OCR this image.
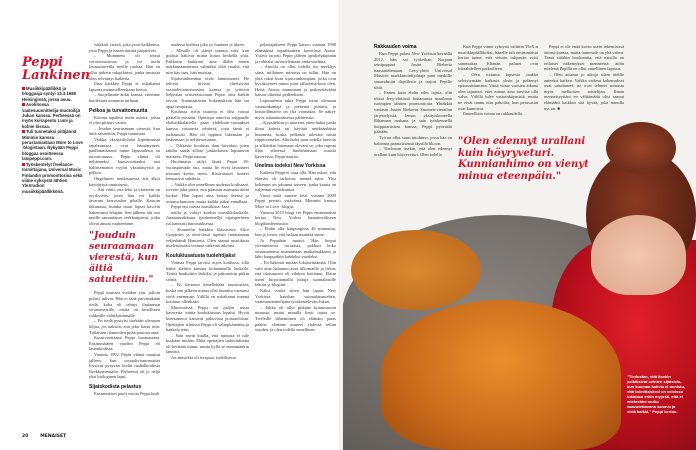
Peppi Lankinen
Musiikkipäällikkö ja bloggaaja syntyi 13.3.1985 Helsingissä, jossa asuu.
Avoliitossa vaatesuunnittelija-muotoilijä Jukan kanssa. Perheessä on myös koirapentu Lumi ja kolme kissaa.
Tuli tunnetuksi pitäjännä Mimmin kanssa perustamastaan More to Love -blogistaan. Nykyään Peppi bloggaa osoitteessa lampeppi.com.
Työskentelyt freelance-toimittajana, Universal Music Finlandin promoottorina sekä viime syksystä lähtien YleXradion musiikkipäällikkönä.

vaikkari ystävä, joka yritti kaikkensa, jotta Peppi ja hänen äitinsä pärjäisivät.

– Mummeni oli töissä verotoimistossa ja toi usein lounasturreilla meille ruokaa. Hän on ollut tärkein tukipilarini, jonka ansiosta olen selvinnyt kaikesta.

Ihan kaikkea Peppi ei uskaltanut lapsena mummolleenkaan kertoa.

– Suojelimme äidin kanssa, ettemme huolestuta mummia turhaan.

Pelkoa ja turvattomuutta

Kotona tapahtui usein asioita, joista ei olisi pitänyt vaieta.

– Joudun seuraamaan vierestä, kun äitiä satutettiin, Peppi tunnustaa.

Vaikka yksityiskohdat kipeimmistä tapahtumista ovat hämärtyneet, päällimmäisenä tunne lapsuudesta on turvattomuus. Pepin elämä oli neljänneksi kuusivuotiaaksi asti hallitsematon vyyhti yksinäisyyttä ja pelkoa.

Ongelmien mutkistuessa äiti alkoi käyttäytyä omituisesti.

– Äiti väitti, että lelut ja vaatteeni on myrkytetty, joten hän vei kaikki tavarani kerrostalon pihalle. Katsoin ikkunasta, kuinka muut lapset kävivät hakemassa lelujani. Sen jälkeen äiti osti meille samanlaiset verkkaripuvut, jotka olivat ainoat vaatteemme.

"Jouduin seuraamaan vierestä, kun äitiä satutettiin."

Peppi muistaa vieläkin yön, jolloin poliisi tulivat. Hän ei tänä päivänäkään tiedä, kuka oli tehnyt ilmiannon viranomaisille, mutta on kiitollinen rohkealle välittäjäohmalle.

– En tiedä pystyisi itsekään olemaan hiljaa, jos näkisin, että joku kärsii niin. Tällaisten tilanteiden pitää puuttua aina.

Kuusivuotiaana Peppi huomauttaa. Ensimmäinen vuoden Peppi eli lastenkodissa.

Vuonna 1992 Pepin elämä muuttui jälleen, kun sosiaaliviranomaiset löysivät pysyvän kodin raahalhoidosta Grekkomensalta. Perheessä oli jo neljä yksi biologinen lapsi.

Sijaiskodista pelastus

Ensimmäiset puoli vuotta Peppi luuli

uudessa kodissa joka yö huutaen ja itkien.

– Minulle oli jäänyt trauma siitä, kun poliisit hakivat minut kotoa keskellä yötä. Pakkasin laukkuni aina illalla ennen nukkumaanmenoa valmiiksi siltä varalta, että niin käy taas, hän muistaa.

Sijaisvanhemmat eivät lannistuneet. He tekivät tiivistä yhteistyötä sosiaaliviranomaisten kanssa ja yrittivät helpottaa seitsenvuotiaan Pepin oloa kaikin tavoin. Traumaattisiin kokemuksiin hän sai apua terapiasta.

Koulussa tytön tausteja ei olisi voinut päätellä mistään. Opettajat antoivat reippaalle ekaluokkalaiselle paan yhdeksän-vastaukset kanssa vastaavia tehtäviä, jotta tämä ei turhautuisi. Hän oli oppinut lukemaan ja laskemaan jo neljävuotiaana.

– Tykkäsin koulusta ihan hirveästi, joten tahdin saada silloin jonkinlaisen lapsineron maineen, Peppi nauraa.

Huolimatta säilyi läsnä Pepin 18-vuotispäivään asti, mutta he eivät tavanneet toisiaan kovin usein. Ristiriitaiset tunteet leimasivat suhdetta.

– Vaikka olin onnellinen uudessa kodissani, toivoin joka päivä, että pääsisin asumaan äitini luokse. Hän lupasi aina hoitaa itsensä ja asiansa kuntoon, mutta kaikki jatkui ennallaan.

Peppi etsi turvaa musiikista. Jazz-

neilla ja viihtyi koulun musiikkiluokalla. Jazzmuusikkona työskennellyt sijaisperheen isä kannusti harrastuksessa.

– Kuuntelin kaikkea klassisesta Alice Cooperiin ja teini-iässä rupesin fanittamaan veljesbändi Hansonia. Olen saanut musiikista mielettömästi voimaa vaikeina aikoina.

Koulukiusatusta tuolehtijaksi

Voimaa Peppi tarvitsi myös koulussa, sillä häntä alettiin kiusata kolmannella luokalla. Tyttöä haukuttiin läskiksi ja pakotettiin pitkin seiniä.

– En kertonut kenellekään taustoistani, koska sen jälkeen minua olisi kiusattu varmasti vielä enemmän. Välillä en uskaltanut mennä kouluun ollenkaan.

Murrosiässä Peppi sai paljon uusia kavereita, mutta koulukiusaus lopahti. Hyvät koenumerot kärsivät jatkuvista poissaoloista. Opettajien silmissä Peppi oli välinpitämätön ja hankala teini.

– Sain usein kuulla, että minusta ei tule koskaan mitään. Ehkä opettajien tarkoituksena oli herättää minut, mutta kyllä se enemmänkin lannisti.

Jos musiikki oli terapiaa, todellisesta

pelastajakseen Peppi katsoo vuonna 1998 elämäänsä tupsahtaneen kaverinsa Ainoa. Ystävä tarjotti Pepin jälleen opiskelukipinän ja rohkaisi tavoittelemaan omia unelmia.

– Ainolla on ollut todella iso merkitys siinä, millainen minusta on tullut. Hän on yhtä rakas kuin sijaisvanhempani, jotka ovat hyväksyneet minut juuri tällaisena kuin olen. Heitä, Ainoa, mummiani ja poikaystävääni katson oikeiksi perheekseni.

Lapsuutensa takia Peppi tottui olemaan vastuunkantaja ja pienentä pitäävä, ja kontrollintarve on yhä voimakas. Se näkyy myös suhtautumisessa päihteisiin.

– Kypsiteltiin jo nuorena, etten halua juoda ikinä kahvia tai käyttää minkäänlaisia huumeita, koska pelkäsin tulevani niistä riippuvaiseksi. Alkoholia juon todella harvoin ja silloinkin huomaan olevani se, joka rupeaa illan edetessä huolehtimaan muista kavereista, Peppi nauraa.

Unelma todeksi New Yorkissa

Katkera Peppi ei osaa olla. Hän uskoo, että elämän oli tarkoitus mennä näin. Yksi kokemus on johtanut toiseen, jonka kautta on valjennut myötätuntoa.

Vuosi mitä sanotte läsä: vuonna 2009 Peppi perusti ystävänsä Mimmin kanssa More to Love -blogin.

Vuonna 2010 blogi vei Pepin ensimmäistä kertaa New Yorkin kansainväliseen blogikonferenssiin.

– Ehdin olla kaupungissa 40 minuuttia, kun jo tiesin, että haluan muuttaa sinne.

Ja Peppihän muutti. Hän luopui yliviämisestä tavarasta, pakkasi koko omaisuutensa muutamaan matkalaukkuun ja lähti kaupunkiin kahdeksi vuodeksi.

– En hakenut mitään lokaisemiämää. Olin vain aina halunnut asua ulkomailla ja tiesin, että tilaisuuteni oli vihdoin koittanut. Elätin itseni kirjoittamalla juttuja suomalaisille lehtiin ja blogiini.

Kaksi vuotta sitten hän tapasi New Yorkissa hauskan suomalaismiehen, vaatesuunnittelijana työskentelevän Jukan.

– Jukka oli ollut pitkään kiinnostunut minusta, mutta minulla kesti tajuta se. Treffeille lähtemiinen oli elämäni paras päätös: olemme asuneet yhdessä reilun vuoden, ja olen todella onnellinen.

20	MENAISET
Rakkauden voima

Kun Peppi palasi New Yorkista keväällä 2012, hän sai työkeikan Norjaan teinipoppari Justin Bieberia haastattelemaan. Levy-yhtiö Universal Musicin markkinointijohtaja pani merkille sanavalmiin ilopillerin ja tarjosi Pepille töitä.

– Ennen kuin ehdin edes tajuta, olin töissä levy-yhtiössä hoitamassa maailman isoimpien tähtien promootioita. Yhtäkkiä vastasin Justin Bieberin Suomen-vierailun järjestelyistä, lensin yksityiskoneella Rihannan mukana ja sain työskennellä huippuartistien kanssa, Peppi pyörittää päätään.

Työ on ollut suuri intohimo, jossa hän on halunnut panna itsensä täysillä likoon.

– Tiedostan itsekin, että olen edennyt urallani kuin höyryveturi. Olen todella

Kun Peppi viime syksynä valittiin YleX:n musiikkipäälliköksi, hänelle tuli ensimmäistä kertaa tunne, että veturin tulipesän voisi sammuttaa. Elämän palaset ovat loksahdelleet paikoilleen.

– Olen tottunut lapsesta saakka selviytymään kaikesta yksin ja pelännyt epäonnistumista. Vasta viime vuosien aikana olen tajunnut, ettei minun aina tarvitse olla valva. Välillä tulee vastoinkäymisiä, mutta ne eivät tunnu niin pahoilta, kun perusasiat ovat kunnossa.

Ihmeellisin voima on rakkaudella.

Peppi ei ole enää kovin usein tekemisissä äitinsä kanssa, mutta tunnesidе on yhä vahva. Tämä siitäkin huolimatta, että naisilla on erilaiset näkemykset menneestä: äidin mielestä Pepillä on ollut onnellinen lapsuus.

– Olen antanut jo aikoja sitten äidille anteeksi kaiken. Vaikka vaikeat kokemukset ovat satuttaneet, ne ovat tehneet minusta myös melkoisen taistelijan. Ilman menneisyyttäni en välttämättä olisi saanut elämääni kaikkea sitä hyvää, joka minulla nyt on. ■

"Olen edennyt urallani kuin höyryveturi. Kunnianhimo on vienyt minua eteenpäin."
"Tiedostan, että itsekin pelkäisivat seinien sijaisista, kun kuumaa kahvia ei onnistu, että toimittaisivat on veloissa tukkiaan eräin myyrää, että ei mielestäni mutta saavutettavana sanova ja vielä kaikki," Peppi kertoo.
